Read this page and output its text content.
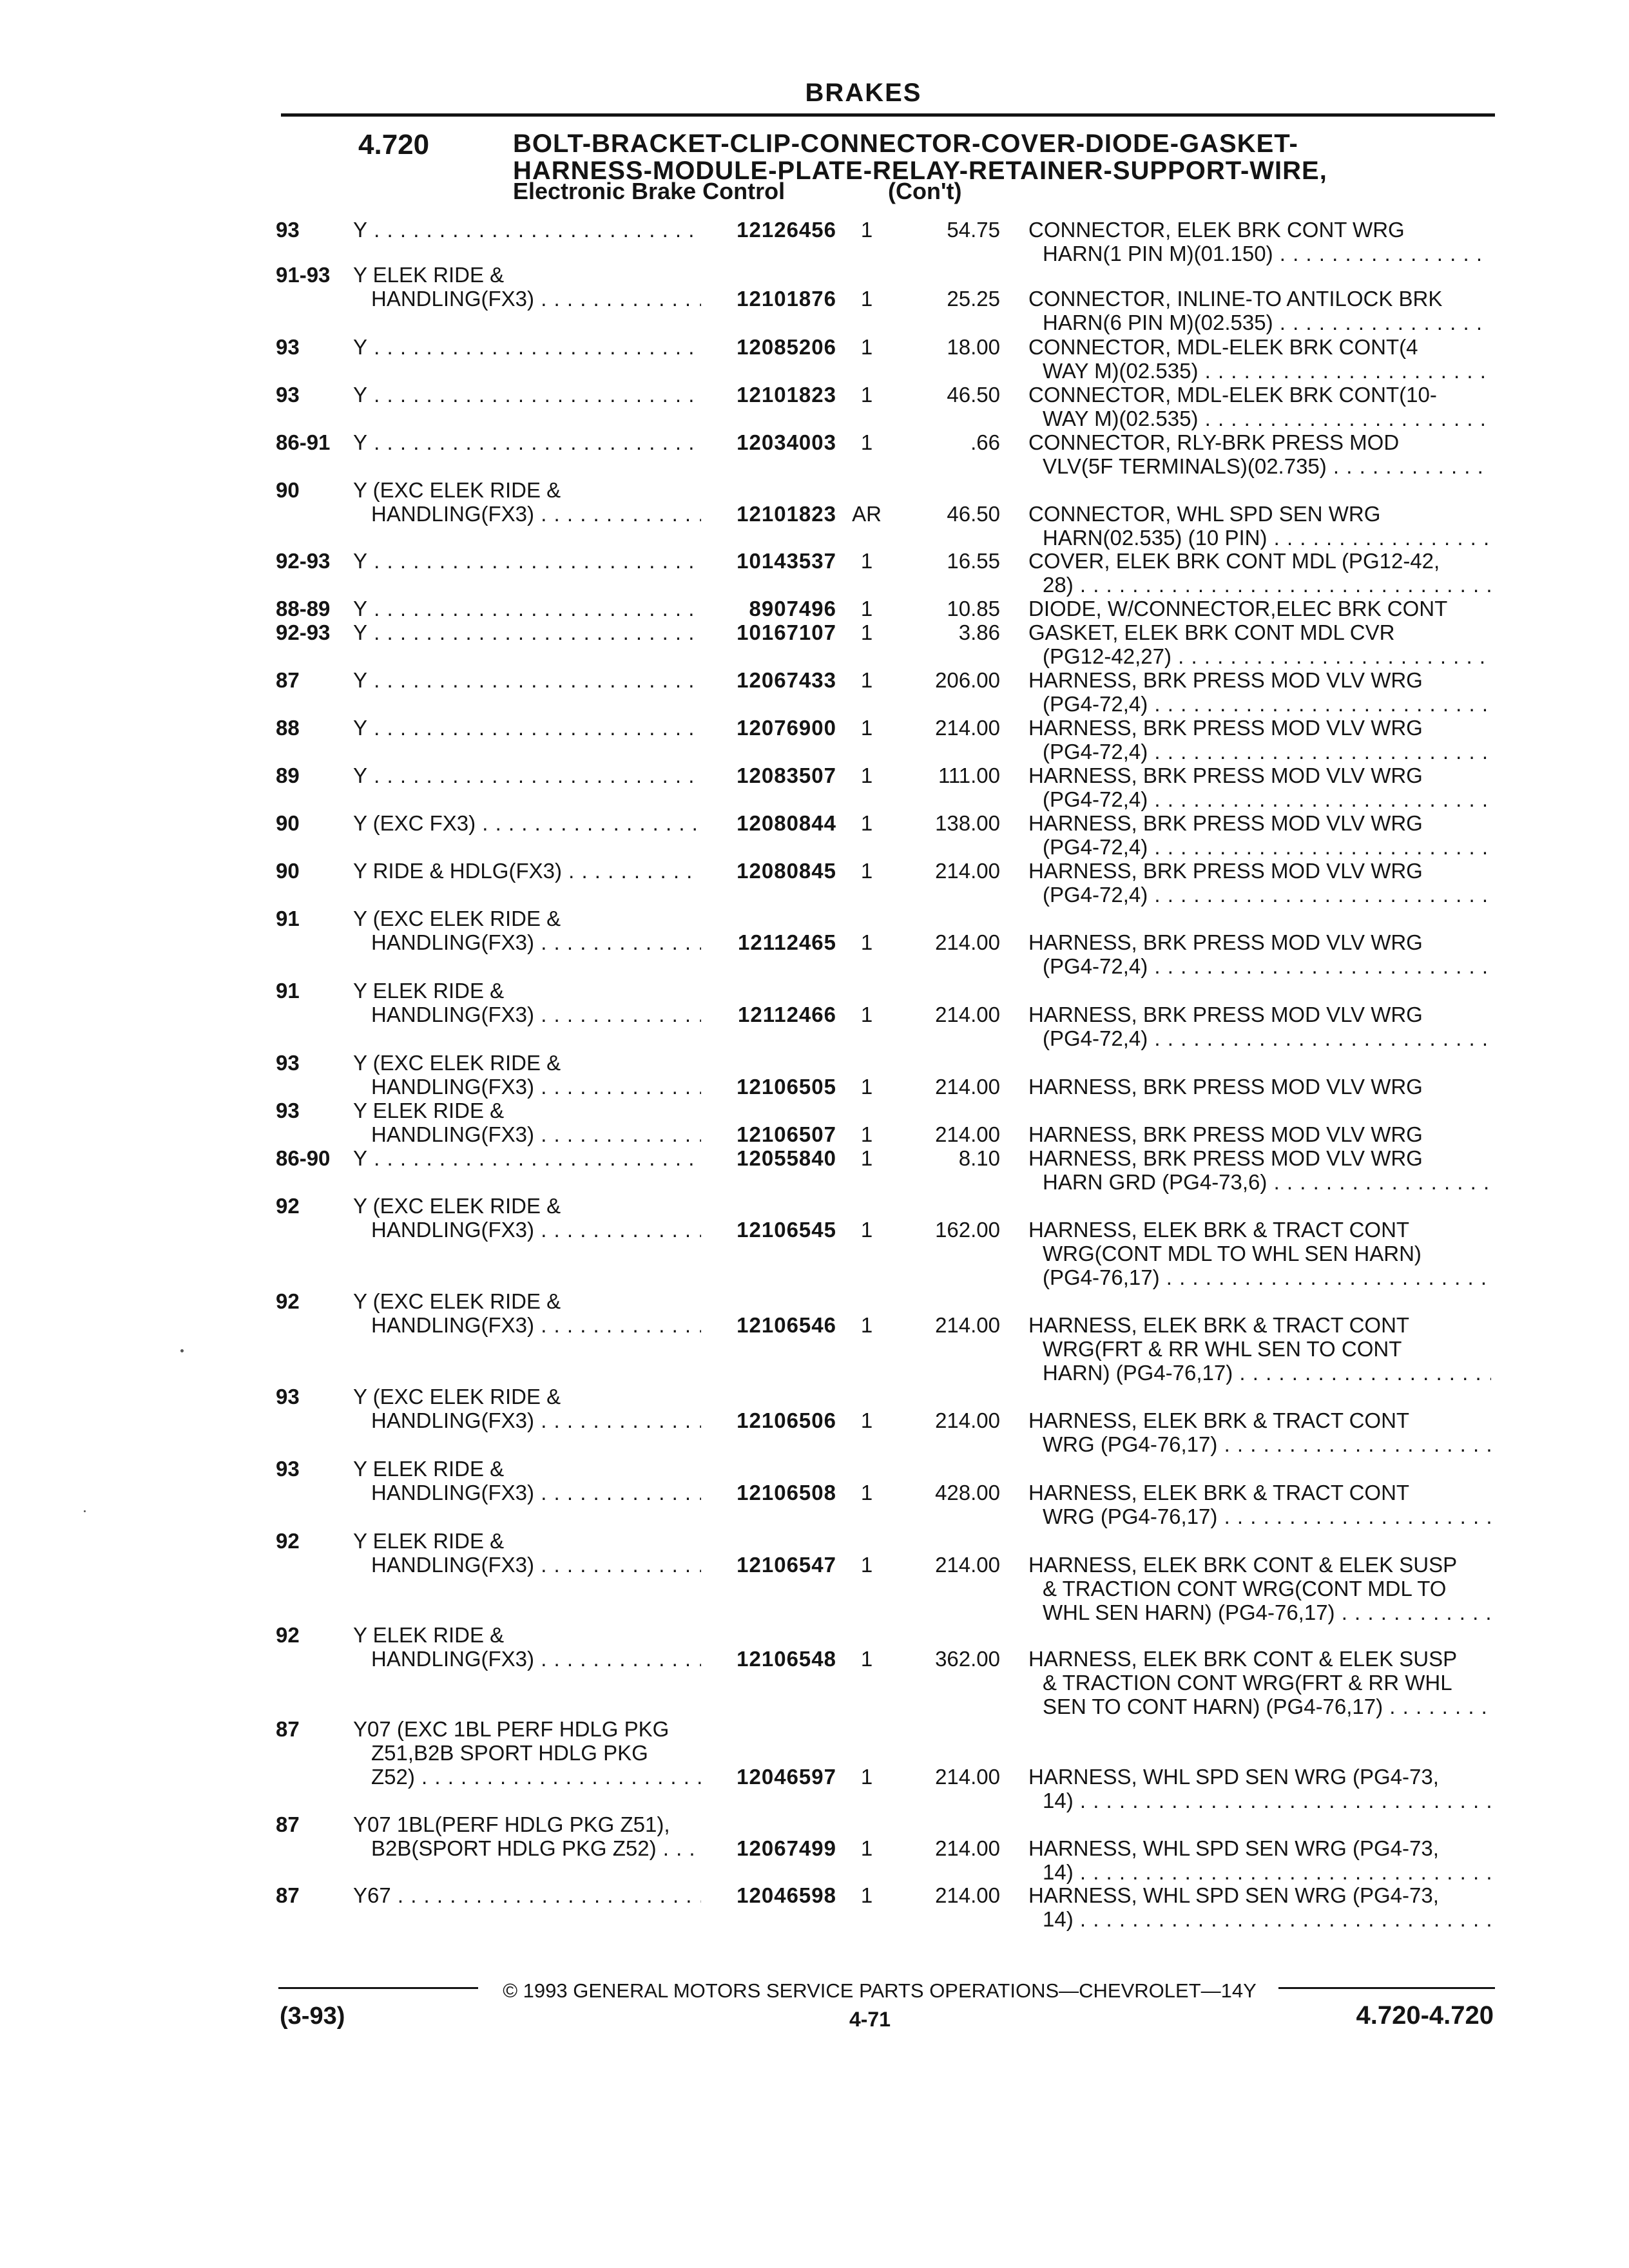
BRAKES
4.720	BOLT-BRACKET-CLIP-CONNECTOR-COVER-DIODE-GASKET-
HARNESS-MODULE-PLATE-RELAY-RETAINER-SUPPORT-WIRE,
Electronic Brake Control	(Con't)
93	Y . . .	12126456	1	54.75 CONNECTOR, ELEK BRK CONT WRG
HARN(1 PIN M)(01.150) . . .
91-93	Y ELEK RIDE &
HANDLING(FX3) . . .	12101876	1	25.25 CONNECTOR, INLINE-TO ANTILOCK BRK
HARN(6 PIN M)(02.535) . . .
93	Y . . .	12085206	1	18.00 CONNECTOR, MDL-ELEK BRK CONT(4
WAY M)(02.535) . . .
93	Y . . .	12101823	1	46.50 CONNECTOR, MDL-ELEK BRK CONT(10-
WAY M)(02.535) . . .
86-91	Y . . .	12034003	1	.66 CONNECTOR, RLY-BRK PRESS MOD
VLV(5F TERMINALS)(02.735) . . .
90	Y (EXC ELEK RIDE &
HANDLING(FX3) . . .	12101823 AR	46.50 CONNECTOR, WHL SPD SEN WRG
HARN(02.535) (10 PIN) . . .
92-93	Y . . .	10143537	1	16.55 COVER, ELEK BRK CONT MDL (PG12-42,
28) . . .
88-89	Y . . .	8907496	1	10.85 DIODE, W/CONNECTOR,ELEC BRK CONT
92-93	Y . . .	10167107	1	3.86 GASKET, ELEK BRK CONT MDL CVR
(PG12-42,27) . . .
87	Y . . .	12067433	1	206.00 HARNESS, BRK PRESS MOD VLV WRG
(PG4-72,4) . . .
88	Y . . .	12076900	1	214.00 HARNESS, BRK PRESS MOD VLV WRG
(PG4-72,4) . . .
89	Y . . .	12083507	1	111.00 HARNESS, BRK PRESS MOD VLV WRG
(PG4-72,4) . . .
90	Y (EXC FX3) . . .	12080844	1	138.00 HARNESS, BRK PRESS MOD VLV WRG
(PG4-72,4) . . .
90	Y RIDE & HDLG(FX3) . . .	12080845	1	214.00 HARNESS, BRK PRESS MOD VLV WRG
(PG4-72,4) . . .
91	Y (EXC ELEK RIDE &
HANDLING(FX3) . . .	12112465	1	214.00 HARNESS, BRK PRESS MOD VLV WRG
(PG4-72,4) . . .
91	Y ELEK RIDE &
HANDLING(FX3) . . .	12112466	1	214.00 HARNESS, BRK PRESS MOD VLV WRG
(PG4-72,4) . . .
93	Y (EXC ELEK RIDE &
HANDLING(FX3) . . .	12106505	1	214.00 HARNESS, BRK PRESS MOD VLV WRG
93	Y ELEK RIDE &
HANDLING(FX3) . . .	12106507	1	214.00 HARNESS, BRK PRESS MOD VLV WRG
86-90	Y . . .	12055840	1	8.10 HARNESS, BRK PRESS MOD VLV WRG
HARN GRD (PG4-73,6) . . .
92	Y (EXC ELEK RIDE &
HANDLING(FX3) . . .	12106545	1	162.00 HARNESS, ELEK BRK & TRACT CONT
WRG(CONT MDL TO WHL SEN HARN)
(PG4-76,17) . . .
92	Y (EXC ELEK RIDE &
HANDLING(FX3) . . .	12106546	1	214.00 HARNESS, ELEK BRK & TRACT CONT
WRG(FRT & RR WHL SEN TO CONT
HARN) (PG4-76,17) . . .
93	Y (EXC ELEK RIDE &
HANDLING(FX3) . . .	12106506	1	214.00 HARNESS, ELEK BRK & TRACT CONT
WRG (PG4-76,17) . . .
93	Y ELEK RIDE &
HANDLING(FX3) . . .	12106508	1	428.00 HARNESS, ELEK BRK & TRACT CONT
WRG (PG4-76,17) . . .
92	Y ELEK RIDE &
HANDLING(FX3) . . .	12106547	1	214.00 HARNESS, ELEK BRK CONT & ELEK SUSP
& TRACTION CONT WRG(CONT MDL TO
WHL SEN HARN) (PG4-76,17) . . .
92	Y ELEK RIDE &
HANDLING(FX3) . . .	12106548	1	362.00 HARNESS, ELEK BRK CONT & ELEK SUSP
& TRACTION CONT WRG(FRT & RR WHL
SEN TO CONT HARN) (PG4-76,17) . . .
87	Y07 (EXC 1BL PERF HDLG PKG
Z51,B2B SPORT HDLG PKG
Z52) . . .	12046597	1	214.00 HARNESS, WHL SPD SEN WRG (PG4-73,
14) . . .
87	Y07 1BL(PERF HDLG PKG Z51),
B2B(SPORT HDLG PKG Z52) . . .	12067499	1	214.00 HARNESS, WHL SPD SEN WRG (PG4-73,
14) . . .
87	Y67 . . .	12046598	1	214.00 HARNESS, WHL SPD SEN WRG (PG4-73,
14) . . .
© 1993 GENERAL MOTORS SERVICE PARTS OPERATIONS—CHEVROLET—14Y
(3-93)	4-71	4.720-4.720
